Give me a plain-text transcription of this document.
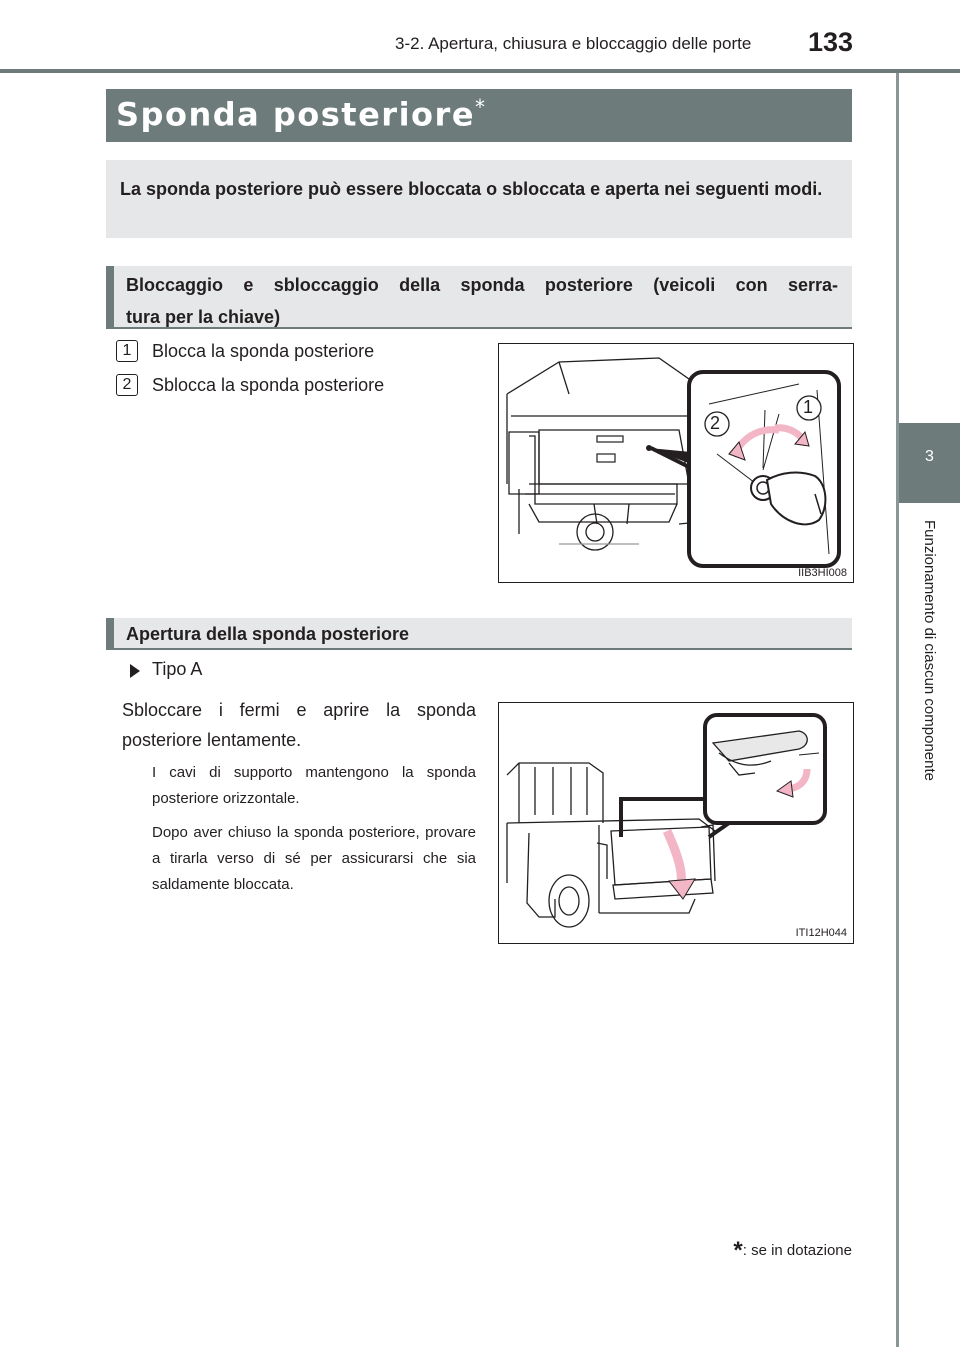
3-2. Apertura, chiusura e bloccaggio delle porte 133
3
Funzionamento di ciascun componente
Sponda posteriore*
La sponda posteriore può essere bloccata o sbloccata e aperta nei seguenti modi.
Bloccaggio e sbloccaggio della sponda posteriore (veicoli con serra-
tura per la chiave)
1	Blocca la sponda posteriore
2	Sblocca la sponda posteriore
2
1
IIB3HI008
Apertura della sponda posteriore
Tipo A
Sbloccare i fermi e aprire la sponda posteriore lentamente.
I cavi di supporto mantengono la sponda posteriore orizzontale.
Dopo aver chiuso la sponda posteriore, provare a tirarla verso di sé per assicurarsi che sia saldamente bloccata.
ITI12H044
*: se in dotazione
